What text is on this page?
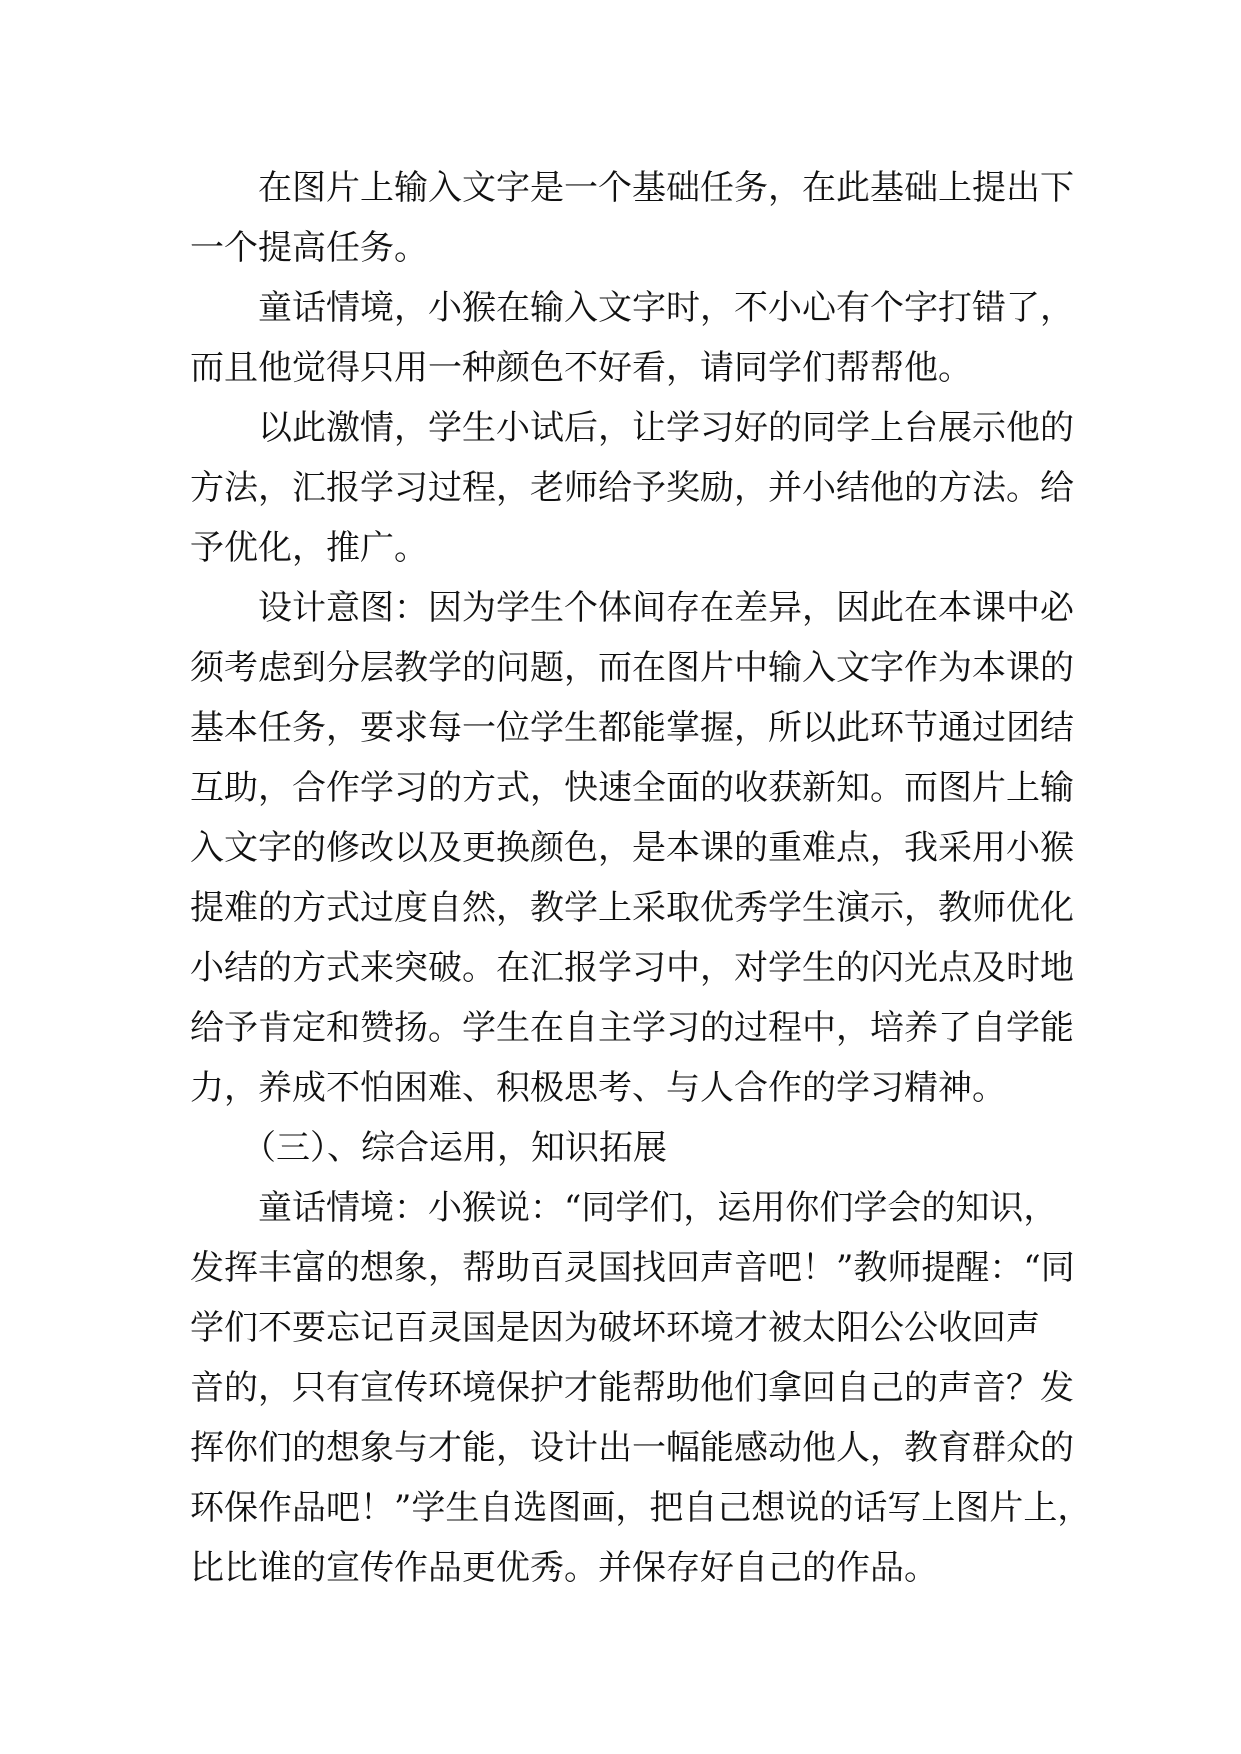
在图片上输入文字是一个基础任务，在此基础上提出下
一个提高任务。
童话情境，小猴在输入文字时，不小心有个字打错了，
而且他觉得只用一种颜色不好看，请同学们帮帮他。
以此激情，学生小试后，让学习好的同学上台展示他的
方法，汇报学习过程，老师给予奖励，并小结他的方法。给
予优化，推广。
设计意图：因为学生个体间存在差异，因此在本课中必
须考虑到分层教学的问题，而在图片中输入文字作为本课的
基本任务，要求每一位学生都能掌握，所以此环节通过团结
互助，合作学习的方式，快速全面的收获新知。而图片上输
入文字的修改以及更换颜色，是本课的重难点，我采用小猴
提难的方式过度自然，教学上采取优秀学生演示，教师优化
小结的方式来突破。在汇报学习中，对学生的闪光点及时地
给予肯定和赞扬。学生在自主学习的过程中，培养了自学能
力，养成不怕困难、积极思考、与人合作的学习精神。
（三）、综合运用，知识拓展
童话情境：小猴说：“同学们，运用你们学会的知识，
发挥丰富的想象，帮助百灵国找回声音吧！”教师提醒：“同
学们不要忘记百灵国是因为破坏环境才被太阳公公收回声
音的，只有宣传环境保护才能帮助他们拿回自己的声音？发
挥你们的想象与才能，设计出一幅能感动他人，教育群众的
环保作品吧！”学生自选图画，把自己想说的话写上图片上，
比比谁的宣传作品更优秀。并保存好自己的作品。
